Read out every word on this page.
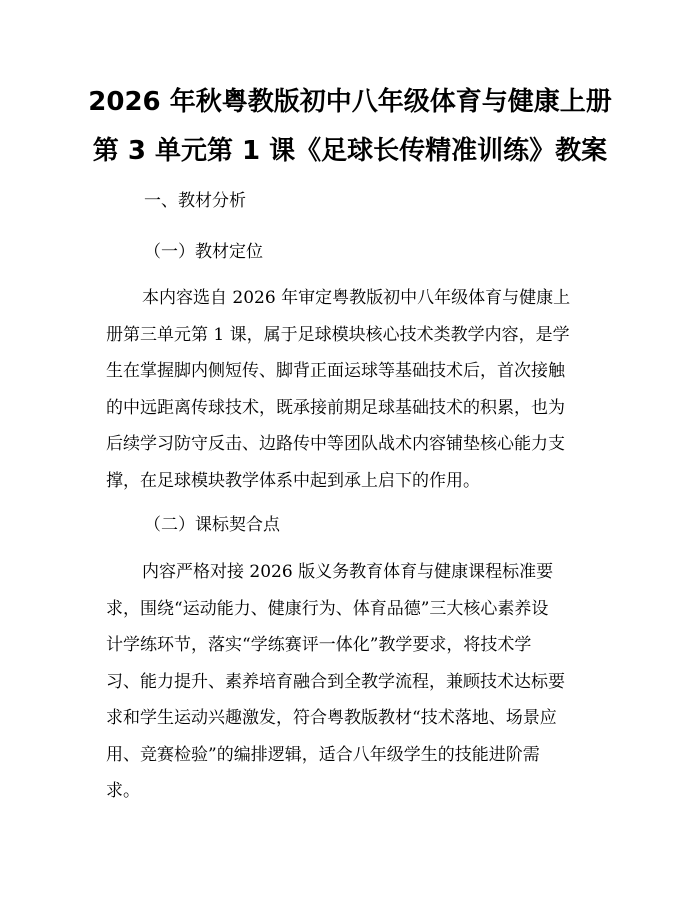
2026 年秋粤教版初中八年级体育与健康上册
第 3 单元第 1 课《足球长传精准训练》教案
一、教材分析
（一）教材定位
本内容选自 2026 年审定粤教版初中八年级体育与健康上
册第三单元第 1 课，属于足球模块核心技术类教学内容，是学
生在掌握脚内侧短传、脚背正面运球等基础技术后，首次接触
的中远距离传球技术，既承接前期足球基础技术的积累，也为
后续学习防守反击、边路传中等团队战术内容铺垫核心能力支
撑，在足球模块教学体系中起到承上启下的作用。
（二）课标契合点
内容严格对接 2026 版义务教育体育与健康课程标准要
求，围绕“运动能力、健康行为、体育品德”三大核心素养设
计学练环节，落实“学练赛评一体化”教学要求，将技术学
习、能力提升、素养培育融合到全教学流程，兼顾技术达标要
求和学生运动兴趣激发，符合粤教版教材“技术落地、场景应
用、竞赛检验”的编排逻辑，适合八年级学生的技能进阶需
求。
